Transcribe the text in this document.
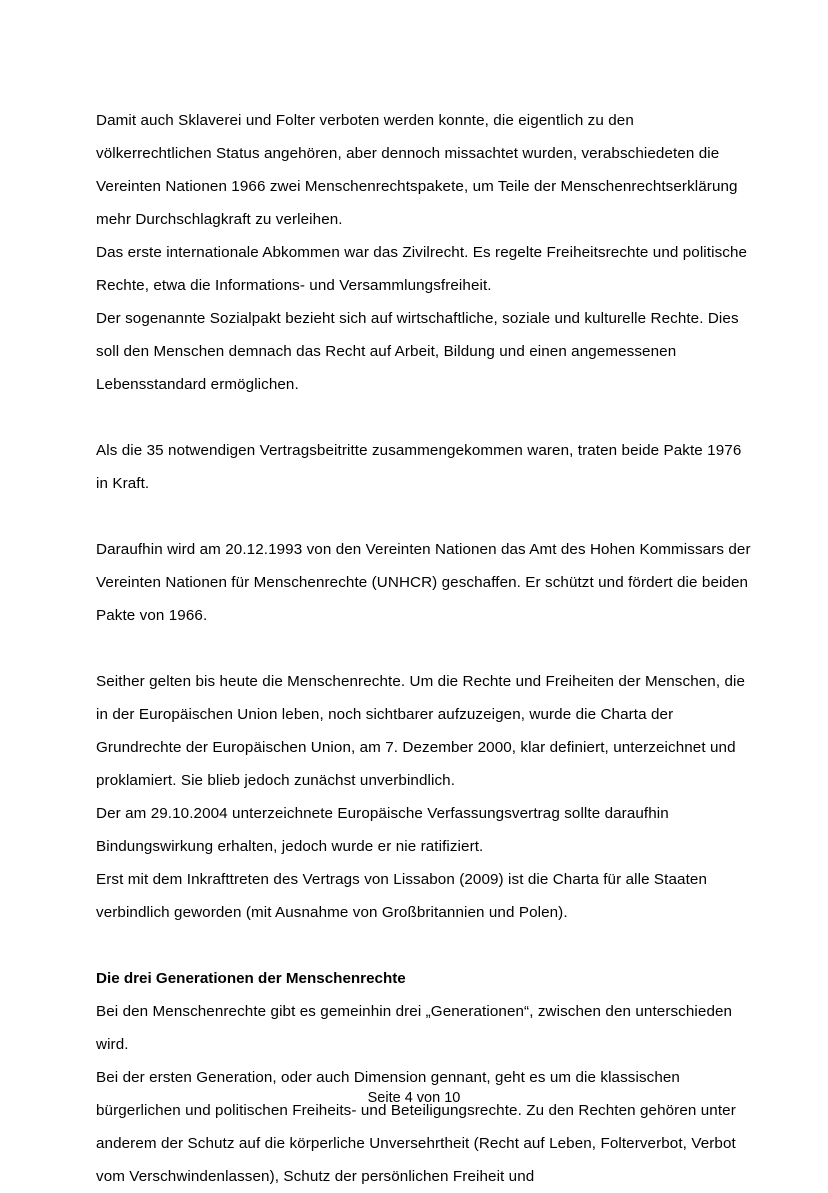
Damit auch Sklaverei und Folter verboten werden konnte, die eigentlich zu den völkerrechtlichen Status angehören, aber dennoch missachtet wurden, verabschiedeten die Vereinten Nationen 1966 zwei Menschenrechtspakete, um Teile der Menschenrechtserklärung mehr Durchschlagkraft zu verleihen.

Das erste internationale Abkommen war das Zivilrecht. Es regelte Freiheitsrechte und politische Rechte, etwa die Informations- und Versammlungsfreiheit.

Der sogenannte Sozialpakt bezieht sich auf wirtschaftliche, soziale und kulturelle Rechte. Dies soll den Menschen demnach das Recht auf Arbeit, Bildung und einen angemessenen Lebensstandard ermöglichen.

Als die 35 notwendigen Vertragsbeitritte zusammengekommen waren, traten beide Pakte 1976 in Kraft.

Daraufhin wird am 20.12.1993 von den Vereinten Nationen das Amt des Hohen Kommissars der Vereinten Nationen für Menschenrechte (UNHCR) geschaffen. Er schützt und fördert die beiden Pakte von 1966.

Seither gelten bis heute die Menschenrechte. Um die Rechte und Freiheiten der Menschen, die in der Europäischen Union leben, noch sichtbarer aufzuzeigen, wurde die Charta der Grundrechte der Europäischen Union, am 7. Dezember 2000, klar definiert, unterzeichnet und proklamiert. Sie blieb jedoch zunächst unverbindlich.

Der am 29.10.2004 unterzeichnete Europäische Verfassungsvertrag sollte daraufhin Bindungswirkung erhalten, jedoch wurde er nie ratifiziert.

Erst mit dem Inkrafttreten des Vertrags von Lissabon (2009) ist die Charta für alle Staaten verbindlich geworden (mit Ausnahme von Großbritannien und Polen).

Die drei Generationen der Menschenrechte

Bei den Menschenrechte gibt es gemeinhin drei „Generationen“, zwischen den unterschieden wird.

Bei der ersten Generation, oder auch Dimension gennant, geht es um die klassischen bürgerlichen und politischen Freiheits- und Beteiligungsrechte. Zu den Rechten gehören unter anderem der Schutz auf die körperliche Unversehrtheit (Recht auf Leben, Folterverbot, Verbot vom Verschwindenlassen), Schutz der persönlichen Freiheit und

Seite 4 von 10
